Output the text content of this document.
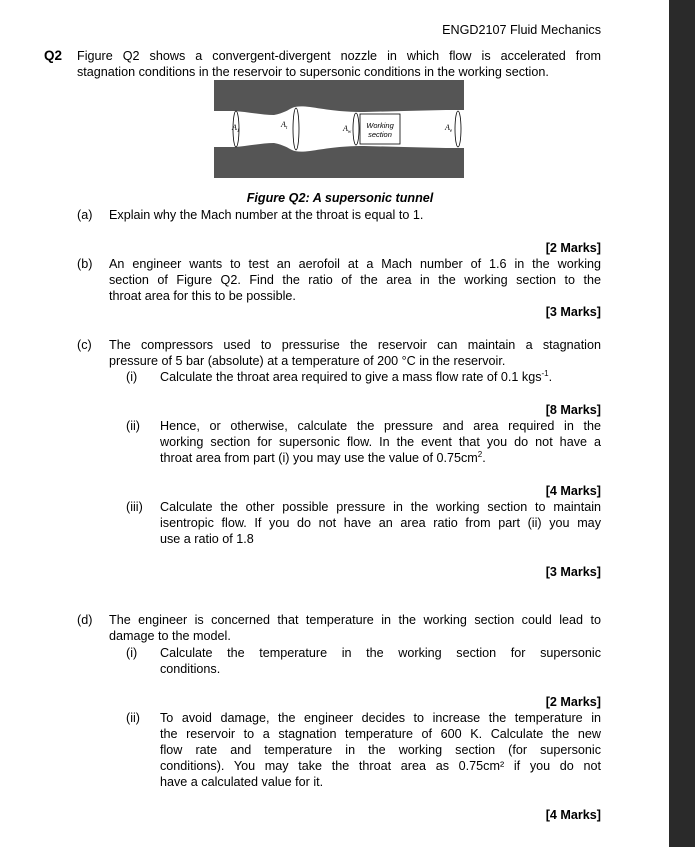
ENGD2107 Fluid Mechanics
Q2 Figure Q2 shows a convergent-divergent nozzle in which flow is accelerated from
stagnation conditions in the reservoir to supersonic conditions in the working section.
$A_1$
$A_t$	$A_w$
$A_e$
Working
section
Figure Q2: A supersonic tunnel
(a) Explain why the Mach number at the throat is equal to 1.
[2 Marks]
(b) An engineer wants to test an aerofoil at a Mach number of 1.6 in the working
section of Figure Q2. Find the ratio of the area in the working section to the
throat area for this to be possible.
[3 Marks]
(c) The compressors used to pressurise the reservoir can maintain a stagnation
pressure of 5 bar (absolute) at a temperature of 200 °C in the reservoir.
(i) Calculate the throat area required to give a mass flow rate of 0.1 kgs$^{-1}$.
[8 Marks]
(ii) Hence, or otherwise, calculate the pressure and area required in the
working section for supersonic flow. In the event that you do not have a
throat area from part (i) you may use the value of $0.75cm^2$.
[4 Marks]
(iii) Calculate the other possible pressure in the working section to maintain
isentropic flow. If you do not have an area ratio from part (ii) you may
use a ratio of 1.8
[3 Marks]
(d) The engineer is concerned that temperature in the working section could lead to
damage to the model.
(i) Calculate the temperature in the working section for supersonic
conditions.
[2 Marks]
(ii) To avoid damage, the engineer decides to increase the temperature in
the reservoir to a stagnation temperature of 600 K. Calculate the new
flow rate and temperature in the working section (for supersonic
conditions). You may take the throat area as 0.75cm² if you do not
have a calculated value for it.
[4 Marks]
